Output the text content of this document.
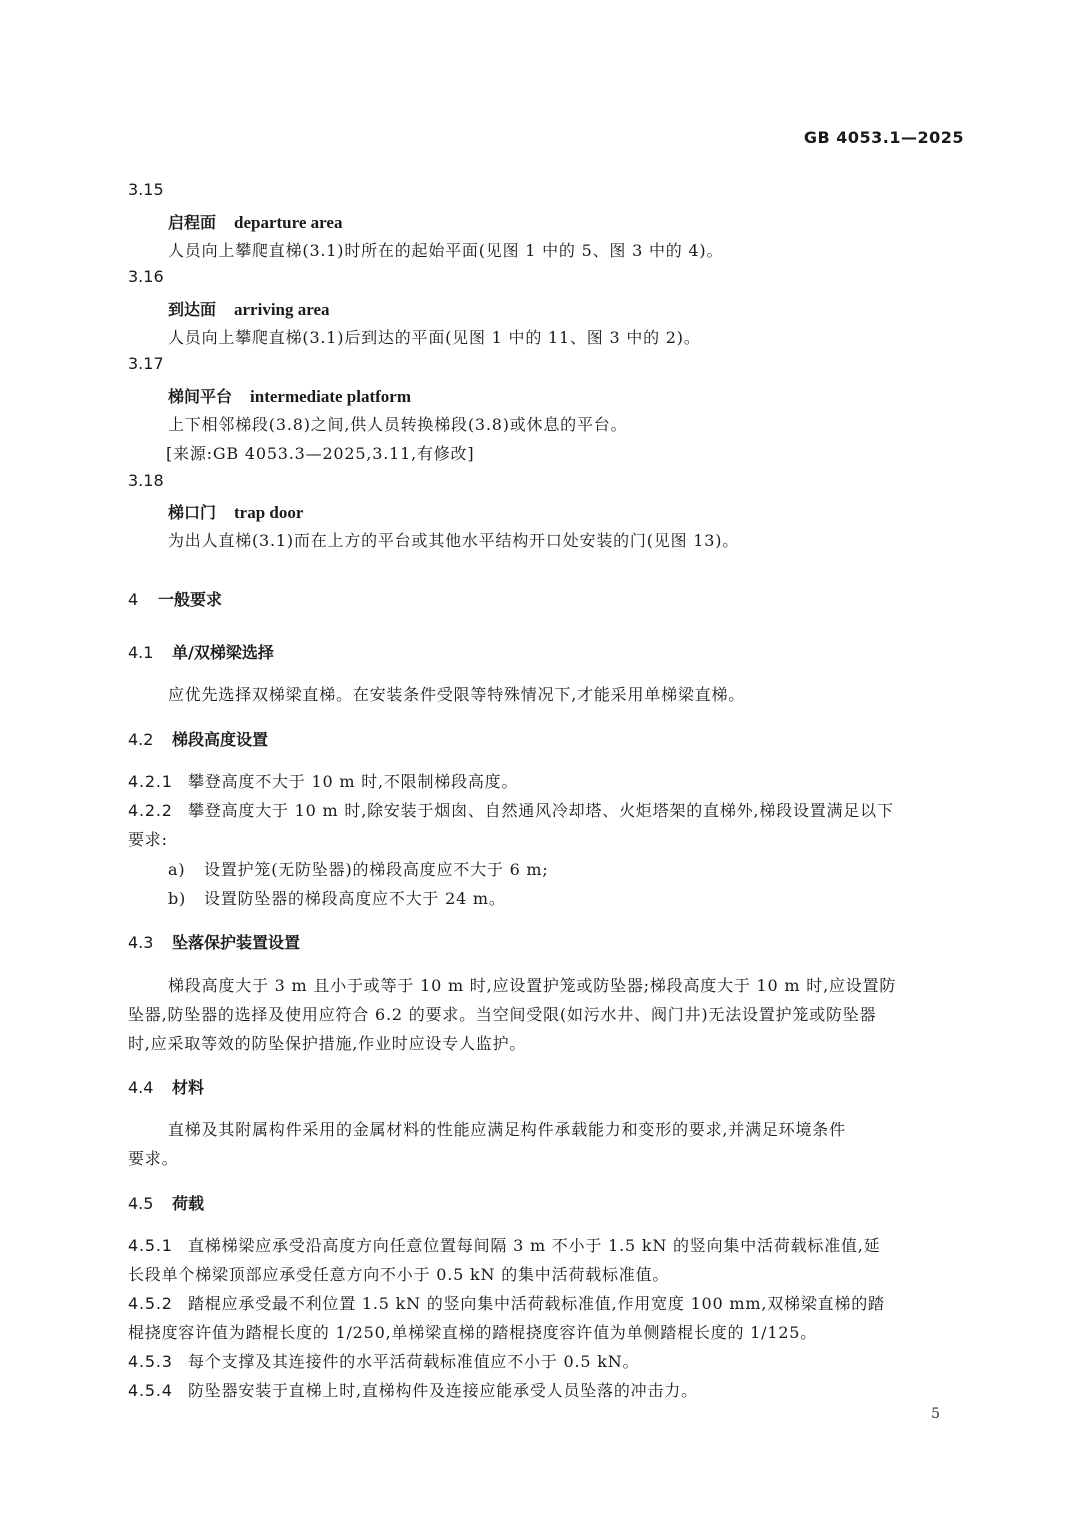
GB 4053.1—2025
3.15
启程面 departure area
人员向上攀爬直梯(3.1)时所在的起始平面(见图 1 中的 5、图 3 中的 4)。
3.16
到达面 arriving area
人员向上攀爬直梯(3.1)后到达的平面(见图 1 中的 11、图 3 中的 2)。
3.17
梯间平台 intermediate platform
上下相邻梯段(3.8)之间,供人员转换梯段(3.8)或休息的平台。
[来源:GB 4053.3—2025,3.11,有修改]
3.18
梯口门 trap door
为出人直梯(3.1)而在上方的平台或其他水平结构开口处安装的门(见图 13)。
4 一般要求
4.1 单/双梯梁选择
应优先选择双梯梁直梯。在安装条件受限等特殊情况下,才能采用单梯梁直梯。
4.2 梯段高度设置
4.2.1 攀登高度不大于 10 m 时,不限制梯段高度。
4.2.2 攀登高度大于 10 m 时,除安装于烟囱、自然通风冷却塔、火炬塔架的直梯外,梯段设置满足以下
要求:
a) 设置护笼(无防坠器)的梯段高度应不大于 6 m;
b) 设置防坠器的梯段高度应不大于 24 m。
4.3 坠落保护装置设置
梯段高度大于 3 m 且小于或等于 10 m 时,应设置护笼或防坠器;梯段高度大于 10 m 时,应设置防
坠器,防坠器的选择及使用应符合 6.2 的要求。当空间受限(如污水井、阀门井)无法设置护笼或防坠器
时,应采取等效的防坠保护措施,作业时应设专人监护。
4.4 材料
直梯及其附属构件采用的金属材料的性能应满足构件承载能力和变形的要求,并满足环境条件
要求。
4.5 荷载
4.5.1 直梯梯梁应承受沿高度方向任意位置每间隔 3 m 不小于 1.5 kN 的竖向集中活荷载标准值,延
长段单个梯梁顶部应承受任意方向不小于 0.5 kN 的集中活荷载标准值。
4.5.2 踏棍应承受最不利位置 1.5 kN 的竖向集中活荷载标准值,作用宽度 100 mm,双梯梁直梯的踏
棍挠度容许值为踏棍长度的 1/250,单梯梁直梯的踏棍挠度容许值为单侧踏棍长度的 1/125。
4.5.3 每个支撑及其连接件的水平活荷载标准值应不小于 0.5 kN。
4.5.4 防坠器安装于直梯上时,直梯构件及连接应能承受人员坠落的冲击力。
5
